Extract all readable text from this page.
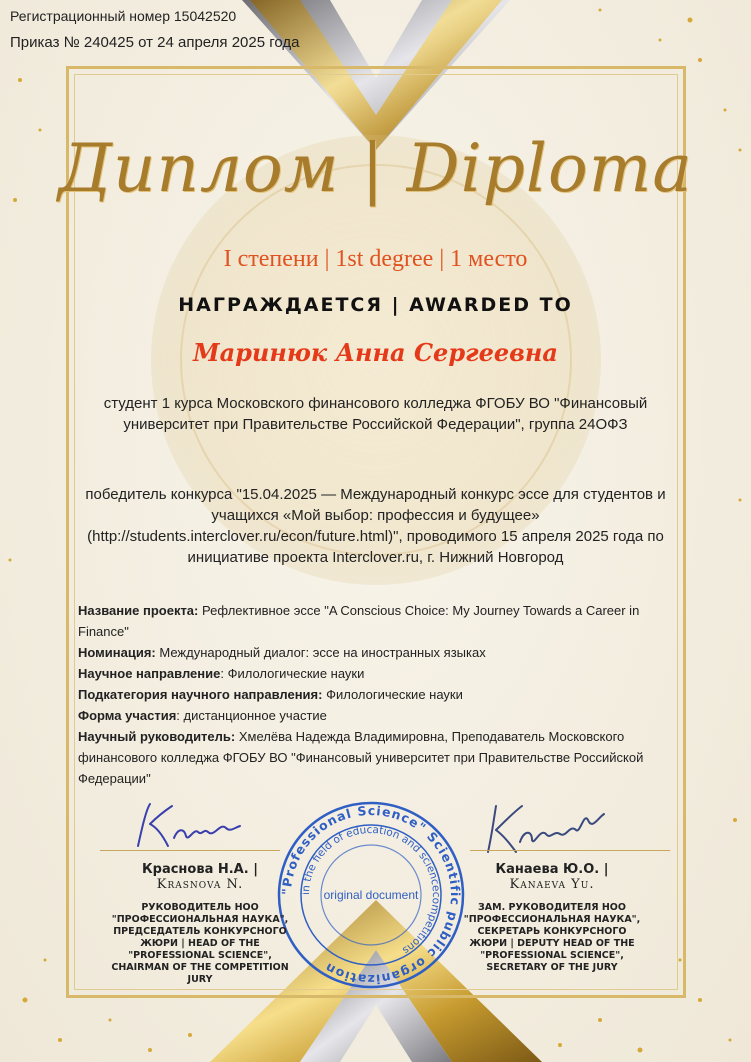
Регистрационный номер 15042520
Приказ № 240425 от 24 апреля 2025 года
Диплом | Diploma
I степени | 1st degree | 1 место
НАГРАЖДАЕТСЯ | AWARDED TO
Маринюк Анна Сергеевна
студент 1 курса Московского финансового колледжа ФГОБУ ВО "Финансовый университет при Правительстве Российской Федерации", группа 24ОФЗ
победитель конкурса "15.04.2025 — Международный конкурс эссе для студентов и учащихся «Мой выбор: профессия и будущее» (http://students.interclover.ru/econ/future.html)", проводимого 15 апреля 2025 года по инициативе проекта Interclover.ru, г. Нижний Новгород

Название проекта: Рефлективное эссе "A Conscious Choice: My Journey Towards a Career in Finance"

Номинация: Международный диалог: эссе на иностранных языках

Научное направление: Филологические науки

Подкатегория научного направления: Филологические науки

Форма участия: дистанционное участие

Научный руководитель: Хмелёва Надежда Владимировна, Преподаватель Московского финансового колледжа ФГОБУ ВО "Финансовый университет при Правительстве Российской Федерации"

"Professional Science" Scientific public organization
in the field of education and sciencecompetitions
original document
Краснова Н.А. |
Krasnova N.
РУКОВОДИТЕЛЬ НОО "ПРОФЕССИОНАЛЬНАЯ НАУКА", ПРЕДСЕДАТЕЛЬ КОНКУРСНОГО ЖЮРИ | HEAD OF THE "PROFESSIONAL SCIENCE", CHAIRMAN OF THE COMPETITION JURY
Канаева Ю.О. |
Kanaeva Yu.
ЗАМ. РУКОВОДИТЕЛЯ НОО "ПРОФЕССИОНАЛЬНАЯ НАУКА", СЕКРЕТАРЬ КОНКУРСНОГО ЖЮРИ | DEPUTY HEAD OF THE "PROFESSIONAL SCIENCE", SECRETARY OF THE JURY
